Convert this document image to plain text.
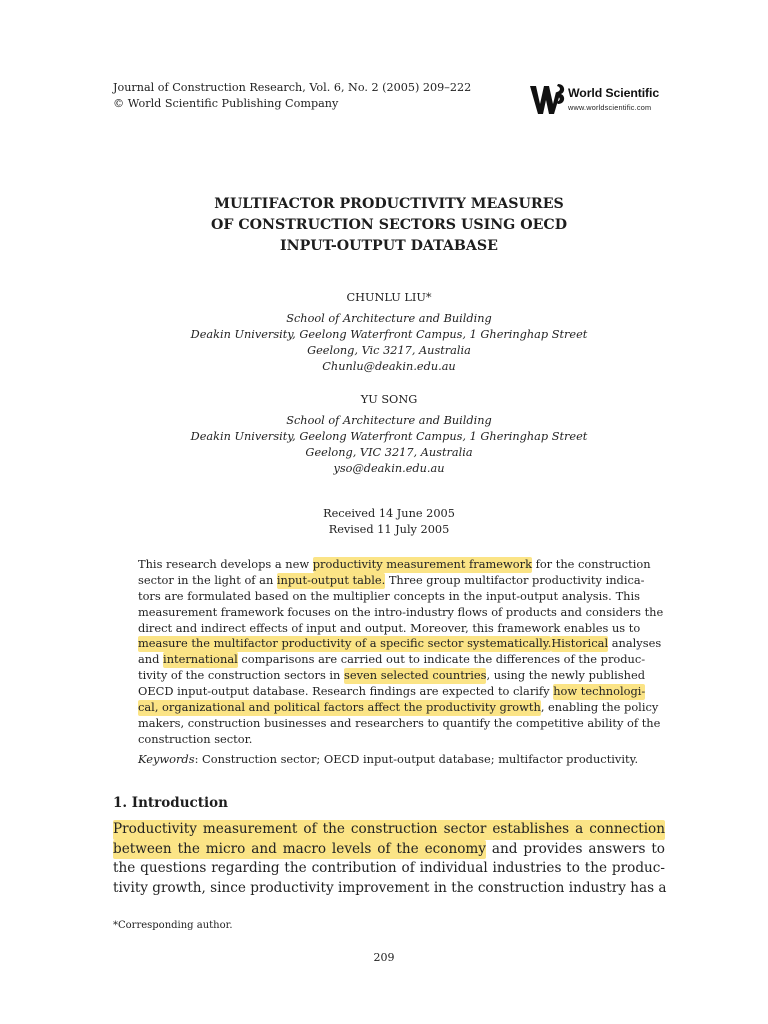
Journal of Construction Research, Vol. 6, No. 2 (2005) 209–222
© World Scientific Publishing Company
World Scientific
www.worldscientific.com
MULTIFACTOR PRODUCTIVITY MEASURES
OF CONSTRUCTION SECTORS USING OECD
INPUT-OUTPUT DATABASE
CHUNLU LIU*
School of Architecture and Building
Deakin University, Geelong Waterfront Campus, 1 Gheringhap Street
Geelong, Vic 3217, Australia
Chunlu@deakin.edu.au
YU SONG
School of Architecture and Building
Deakin University, Geelong Waterfront Campus, 1 Gheringhap Street
Geelong, VIC 3217, Australia
yso@deakin.edu.au
Received 14 June 2005
Revised 11 July 2005
This research develops a new productivity measurement framework for the construction
sector in the light of an input-output table. Three group multifactor productivity indica-
tors are formulated based on the multiplier concepts in the input-output analysis. This
measurement framework focuses on the intro-industry flows of products and considers the
direct and indirect effects of input and output. Moreover, this framework enables us to
measure the multifactor productivity of a specific sector systematically. Historical analyses
and international comparisons are carried out to indicate the differences of the produc-
tivity of the construction sectors in seven selected countries , using the newly published
OECD input-output database. Research findings are expected to clarify how technologi-
cal, organizational and political factors affect the productivity growth , enabling the policy
makers, construction businesses and researchers to quantify the competitive ability of the
construction sector.
Keywords: Construction sector; OECD input-output database; multifactor productivity.
1. Introduction
Productivity measurement of the construction sector establishes a connection
between the micro and macro levels of the economy and provides answers to
the questions regarding the contribution of individual industries to the produc-
tivity growth, since productivity improvement in the construction industry has a
*Corresponding author.
209
